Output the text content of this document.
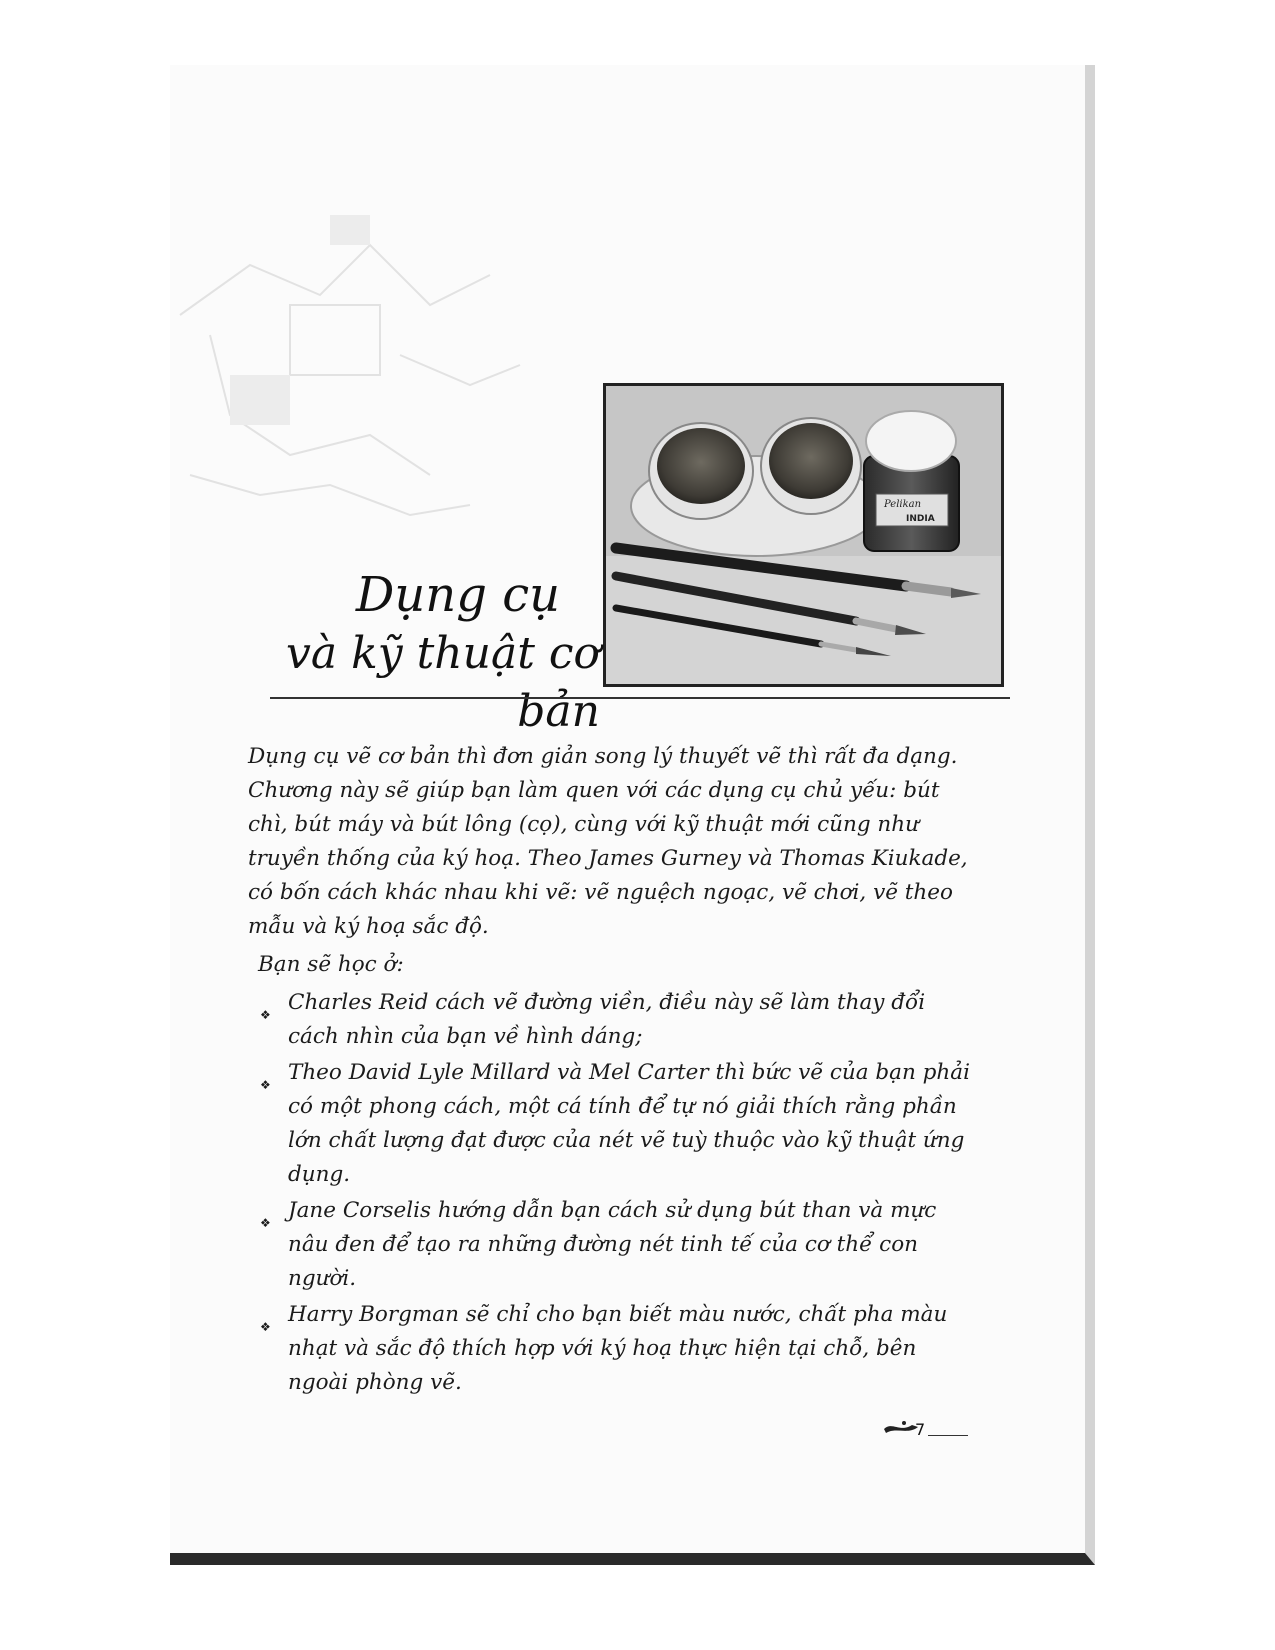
Pelikan
INDIA
Dụng cụ
và kỹ thuật cơ bản

Dụng cụ vẽ cơ bản thì đơn giản song lý thuyết vẽ thì rất đa dạng. Chương này sẽ giúp bạn làm quen với các dụng cụ chủ yếu: bút chì, bút máy và bút lông (cọ), cùng với kỹ thuật mới cũng như truyền thống của ký hoạ. Theo James Gurney và Thomas Kiukade, có bốn cách khác nhau khi vẽ: vẽ nguệch ngoạc, vẽ chơi, vẽ theo mẫu và ký hoạ sắc độ.

Bạn sẽ học ở:

❖ Charles Reid cách vẽ đường viền, điều này sẽ làm thay đổi cách nhìn của bạn về hình dáng;
❖ Theo David Lyle Millard và Mel Carter thì bức vẽ của bạn phải có một phong cách, một cá tính để tự nó giải thích rằng phần lớn chất lượng đạt được của nét vẽ tuỳ thuộc vào kỹ thuật ứng dụng.
❖ Jane Corselis hướng dẫn bạn cách sử dụng bút than và mực nâu đen để tạo ra những đường nét tinh tế của cơ thể con người.
❖ Harry Borgman sẽ chỉ cho bạn biết màu nước, chất pha màu nhạt và sắc độ thích hợp với ký hoạ thực hiện tại chỗ, bên ngoài phòng vẽ.
7
